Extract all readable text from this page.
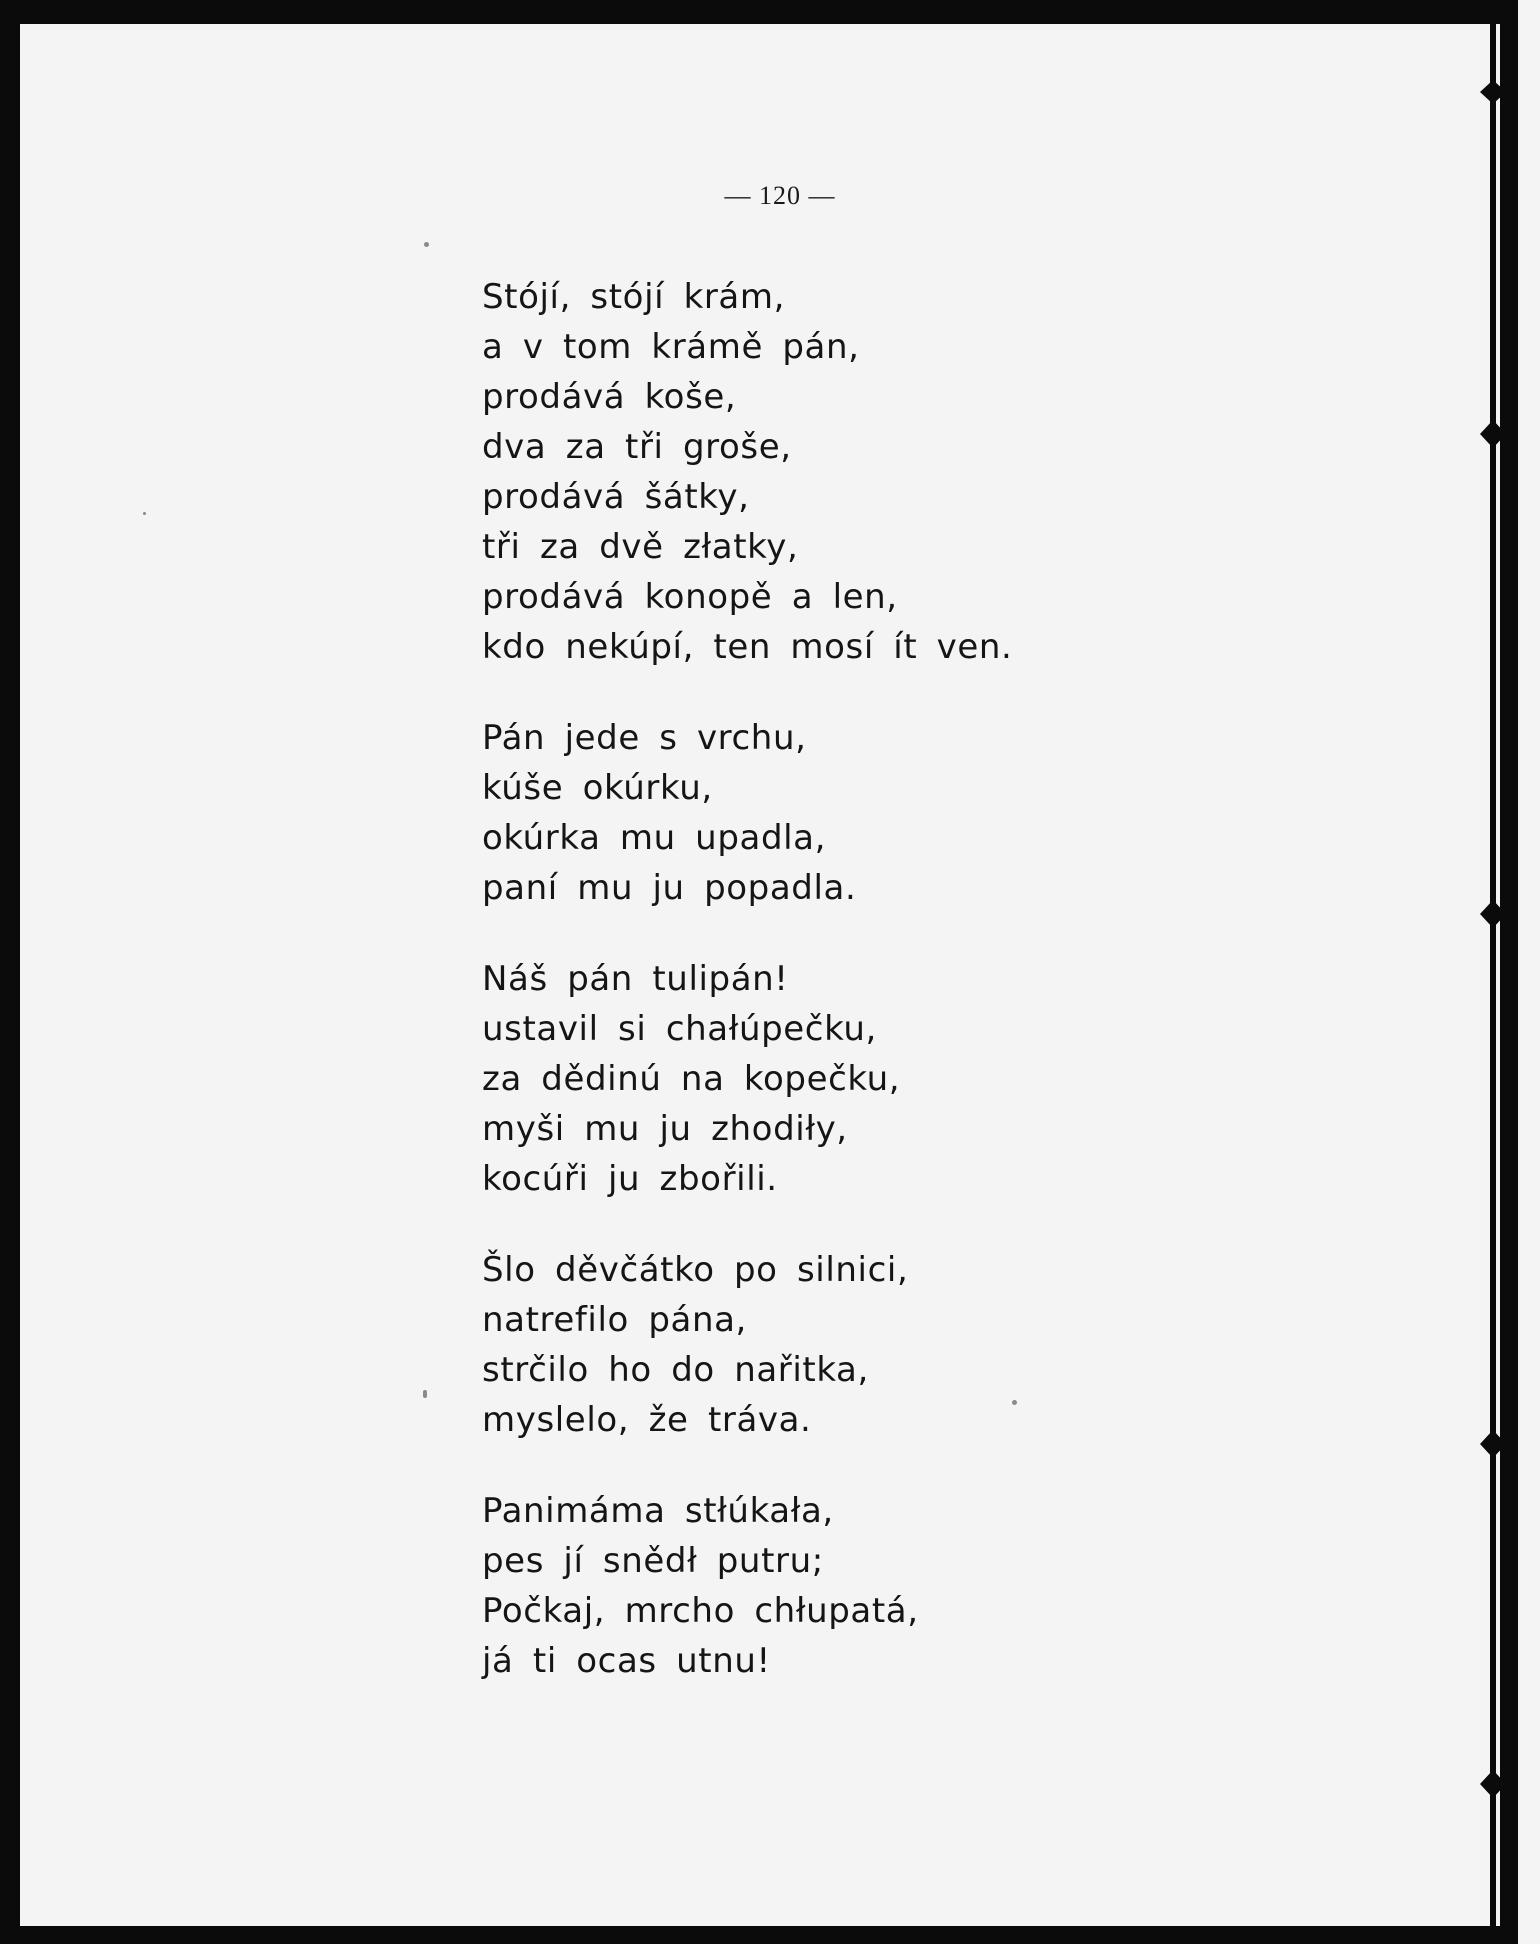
— 120 —
Stójí, stójí krám,
a v tom krámě pán,
prodává koše,
dva za tři groše,
prodává šátky,
tři za dvě złatky,
prodává konopě a len,
kdo nekúpí, ten mosí ít ven.
Pán jede s vrchu,
kúše okúrku,
okúrka mu upadla,
paní mu ju popadla.
Náš pán tulipán!
ustavil si chałúpečku,
za dědinú na kopečku,
myši mu ju zhodiły,
kocúři ju zbořili.
Šlo děvčátko po silnici,
natrefilo pána,
strčilo ho do nařitka,
myslelo, že tráva.
Panimáma stłúkała,
pes jí snědł putru;
Počkaj, mrcho chłupatá,
já ti ocas utnu!
